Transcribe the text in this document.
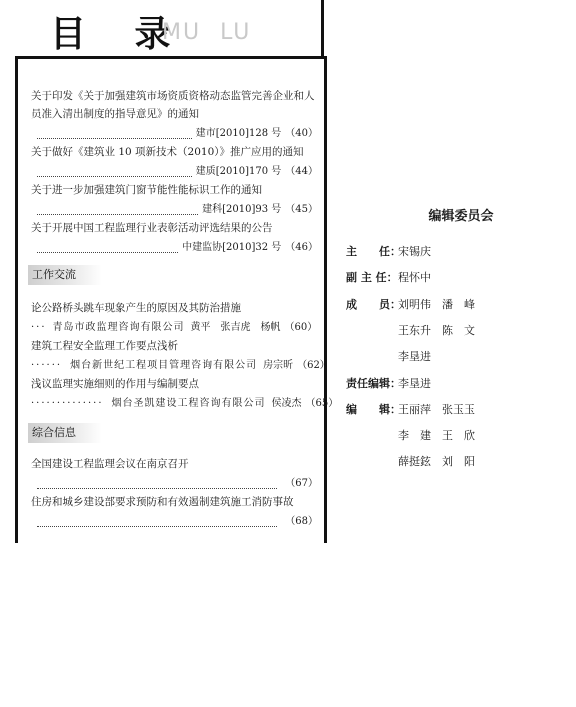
目 录
MU LU
关于印发《关于加强建筑市场资质资格动态监管完善企业和人员准入清出制度的指导意见》的通知
建市[2010]128 号 （40）
关于做好《建筑业 10 项新技术（2010）》推广应用的通知
建质[2010]170 号 （44）
关于进一步加强建筑门窗节能性能标识工作的通知
建科[2010]93 号 （45）
关于开展中国工程监理行业表彰活动评选结果的公告
中建监协[2010]32 号 （46）
工作交流
论公路桥头跳车现象产生的原因及其防治措施
··· 青岛市政监理咨询有限公司 黄平　张吉虎　杨帆 （60）
建筑工程安全监理工作要点浅析
······ 烟台新世纪工程项目管理咨询有限公司 房宗昕 （62）
浅议监理实施细则的作用与编制要点
·············· 烟台圣凯建设工程咨询有限公司 侯凌杰 （65）
综合信息
全国建设工程监理会议在南京召开
（67）
住房和城乡建设部要求预防和有效遏制建筑施工消防事故
（68）
编辑委员会
主　　任：宋锡庆
副 主 任：程怀中
成　　员：刘明伟　潘　峰
王东升　陈　文
李垦进
责任编辑：李垦进
编　　辑：王丽萍　张玉玉
李　建　王　欣
薛挺鉉　刘　阳
